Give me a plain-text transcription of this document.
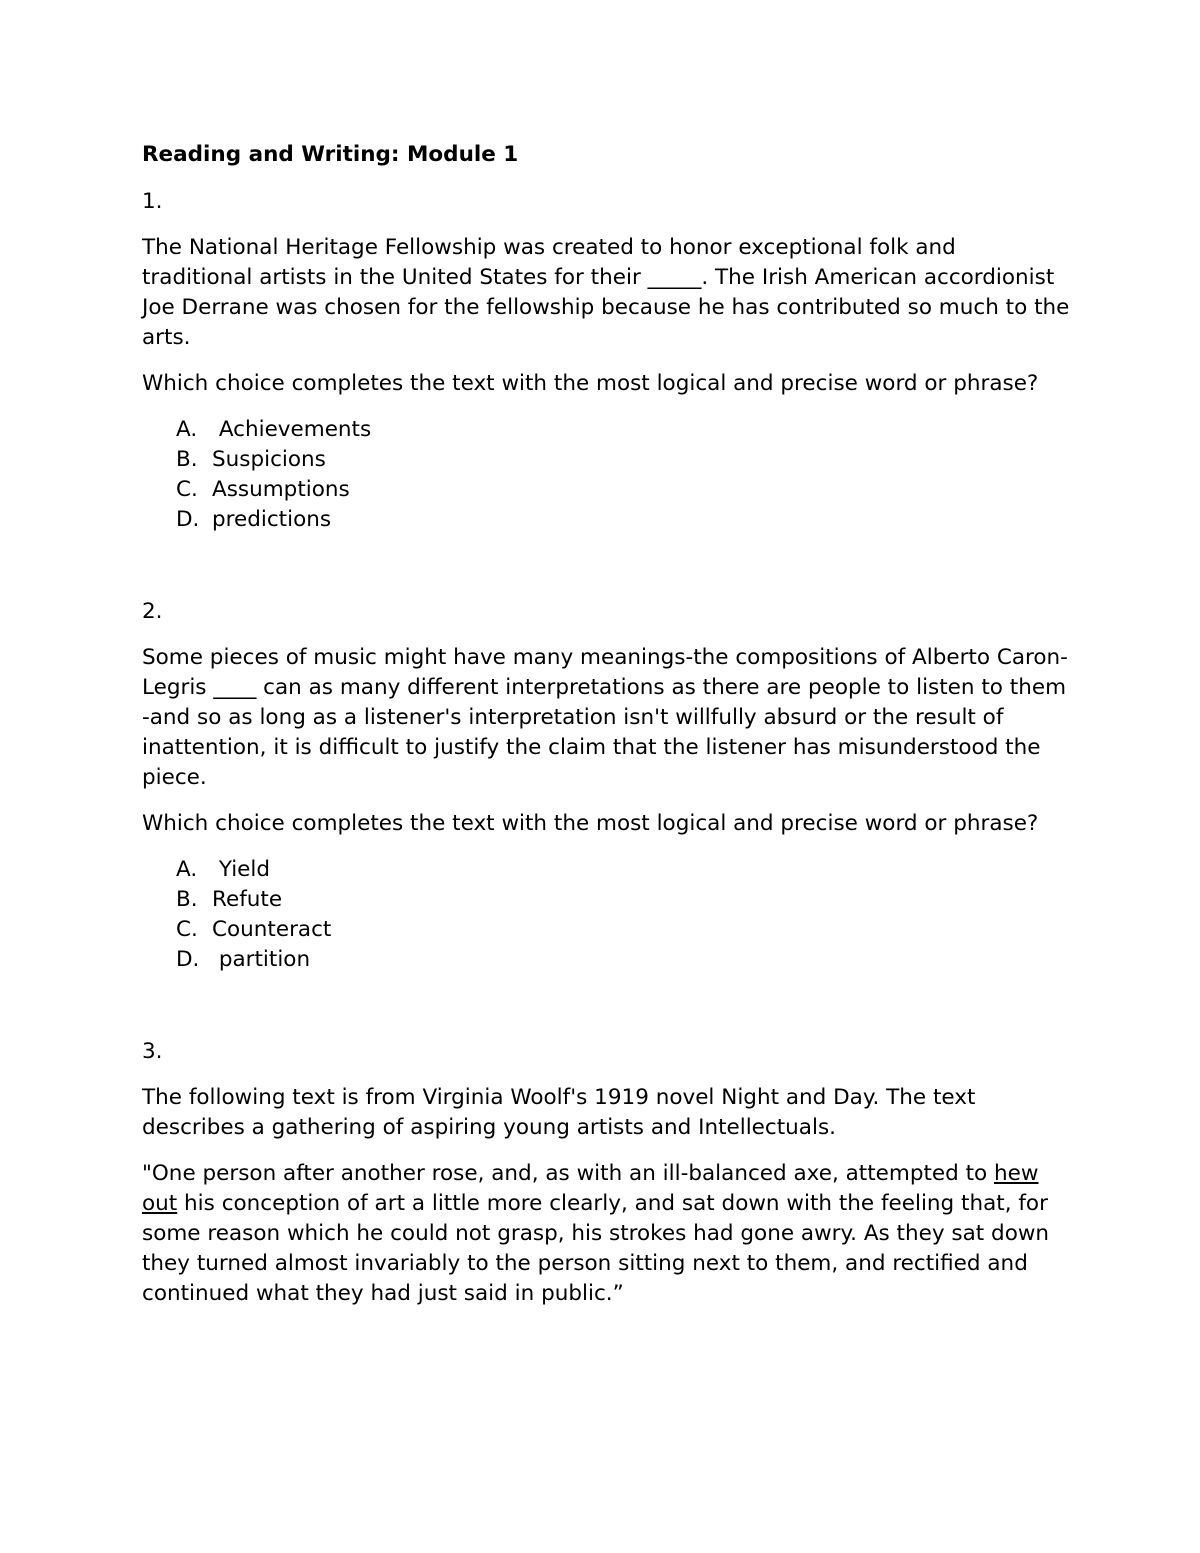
Reading and Writing: Module 1
1.
The National Heritage Fellowship was created to honor exceptional folk and traditional artists in the United States for their _____. The Irish American accordionist Joe Derrane was chosen for the fellowship because he has contributed so much to the arts.
Which choice completes the text with the most logical and precise word or phrase?
A. Achievements
B. Suspicions
C. Assumptions
D. predictions
2.
Some pieces of music might have many meanings-the compositions of Alberto Caron-Legris ____ can as many different interpretations as there are people to listen to them -and so as long as a listener's interpretation isn't willfully absurd or the result of inattention, it is difficult to justify the claim that the listener has misunderstood the piece.
Which choice completes the text with the most logical and precise word or phrase?
A. Yield
B. Refute
C. Counteract
D. partition
3.
The following text is from Virginia Woolf's 1919 novel Night and Day. The text describes a gathering of aspiring young artists and Intellectuals.
"One person after another rose, and, as with an ill-balanced axe, attempted to hew out his conception of art a little more clearly, and sat down with the feeling that, for some reason which he could not grasp, his strokes had gone awry. As they sat down they turned almost invariably to the person sitting next to them, and rectified and continued what they had just said in public.”
